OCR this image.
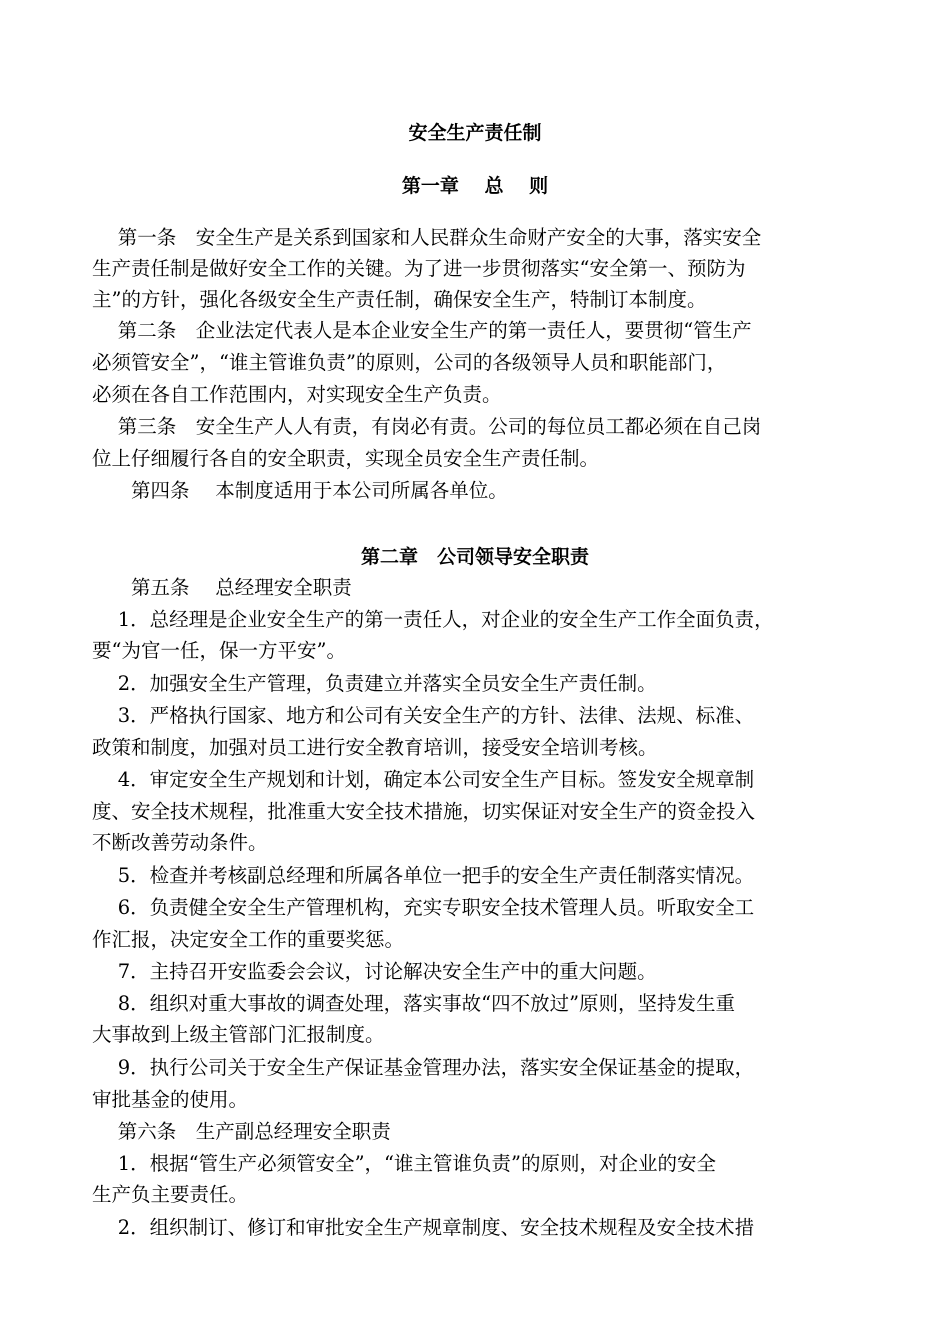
安全生产责任制
第一章　 总　 则
　 第一条　安全生产是关系到国家和人民群众生命财产安全的大事，落实安全
生产责任制是做好安全工作的关键。为了进一步贯彻落实“安全第一、预防为
主”的方针，强化各级安全生产责任制，确保安全生产，特制订本制度。
　 第二条　企业法定代表人是本企业安全生产的第一责任人，要贯彻“管生产
必须管安全”，“谁主管谁负责”的原则，公司的各级领导人员和职能部门，
必须在各自工作范围内，对实现安全生产负责。
　 第三条　安全生产人人有责，有岗必有责。公司的每位员工都必须在自己岗
位上仔细履行各自的安全职责，实现全员安全生产责任制。
　　第四条　 本制度适用于本公司所属各单位。
第二章　公司领导安全职责
　　第五条　 总经理安全职责
　 1．总经理是企业安全生产的第一责任人，对企业的安全生产工作全面负责，
要“为官一任，保一方平安”。
　 2．加强安全生产管理，负责建立并落实全员安全生产责任制。
　 3．严格执行国家、地方和公司有关安全生产的方针、法律、法规、标准、
政策和制度，加强对员工进行安全教育培训，接受安全培训考核。
　 4．审定安全生产规划和计划，确定本公司安全生产目标。签发安全规章制
度、安全技术规程，批准重大安全技术措施，切实保证对安全生产的资金投入
不断改善劳动条件。
　 5．检查并考核副总经理和所属各单位一把手的安全生产责任制落实情况。
　 6．负责健全安全生产管理机构，充实专职安全技术管理人员。听取安全工
作汇报，决定安全工作的重要奖惩。
　 7．主持召开安监委会会议，讨论解决安全生产中的重大问题。
　 8．组织对重大事故的调查处理，落实事故“四不放过”原则，坚持发生重
大事故到上级主管部门汇报制度。
　 9．执行公司关于安全生产保证基金管理办法，落实安全保证基金的提取，
审批基金的使用。
　 第六条　生产副总经理安全职责
　 1．根据“管生产必须管安全”，“谁主管谁负责”的原则，对企业的安全
生产负主要责任。
　 2．组织制订、修订和审批安全生产规章制度、安全技术规程及安全技术措
